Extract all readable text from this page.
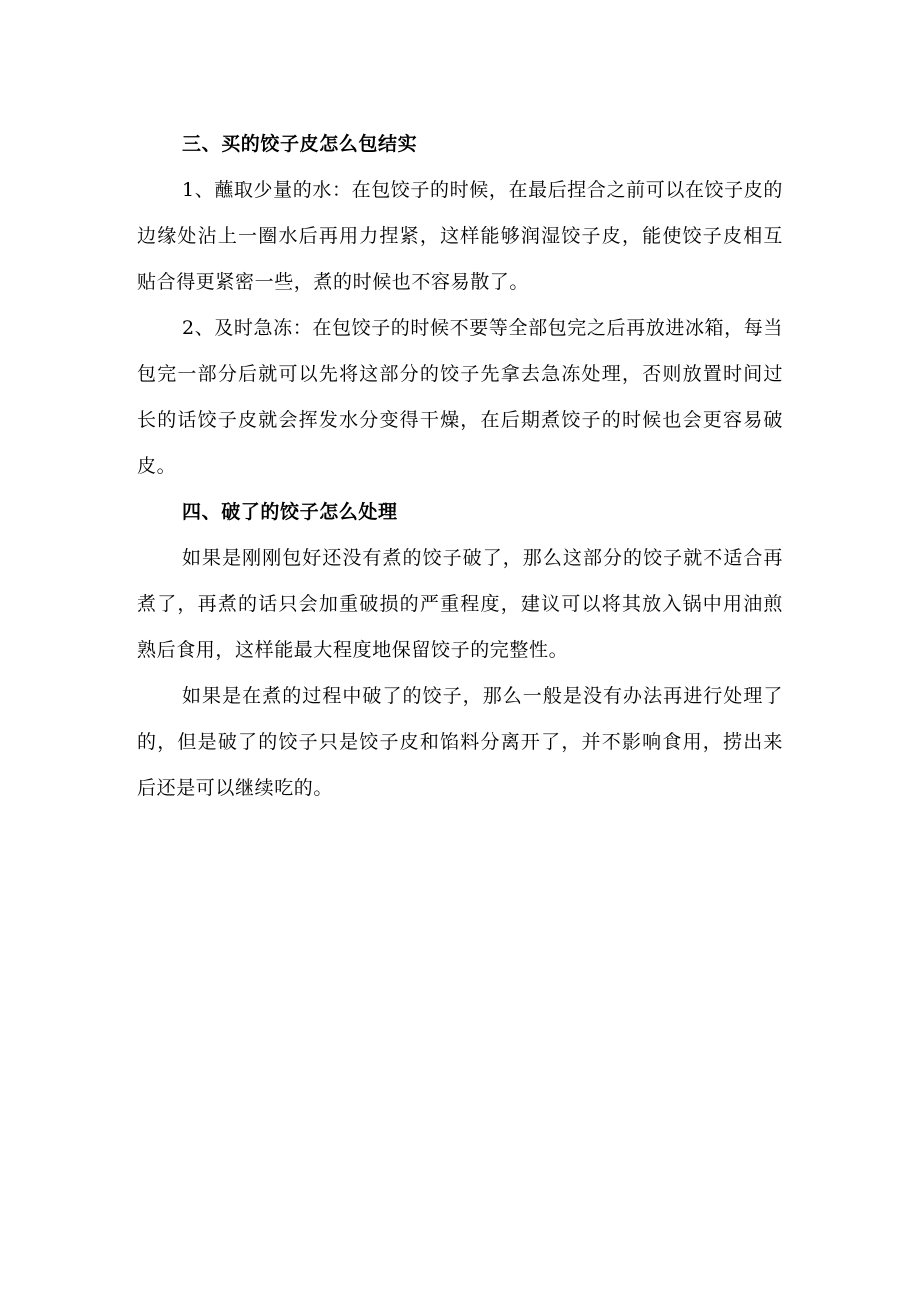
三、买的饺子皮怎么包结实

1、蘸取少量的水：在包饺子的时候，在最后捏合之前可以在饺子皮的边缘处沾上一圈水后再用力捏紧，这样能够润湿饺子皮，能使饺子皮相互贴合得更紧密一些，煮的时候也不容易散了。

2、及时急冻：在包饺子的时候不要等全部包完之后再放进冰箱，每当包完一部分后就可以先将这部分的饺子先拿去急冻处理，否则放置时间过长的话饺子皮就会挥发水分变得干燥，在后期煮饺子的时候也会更容易破皮。

四、破了的饺子怎么处理

如果是刚刚包好还没有煮的饺子破了，那么这部分的饺子就不适合再煮了，再煮的话只会加重破损的严重程度，建议可以将其放入锅中用油煎熟后食用，这样能最大程度地保留饺子的完整性。

如果是在煮的过程中破了的饺子，那么一般是没有办法再进行处理了的，但是破了的饺子只是饺子皮和馅料分离开了，并不影响食用，捞出来后还是可以继续吃的。
